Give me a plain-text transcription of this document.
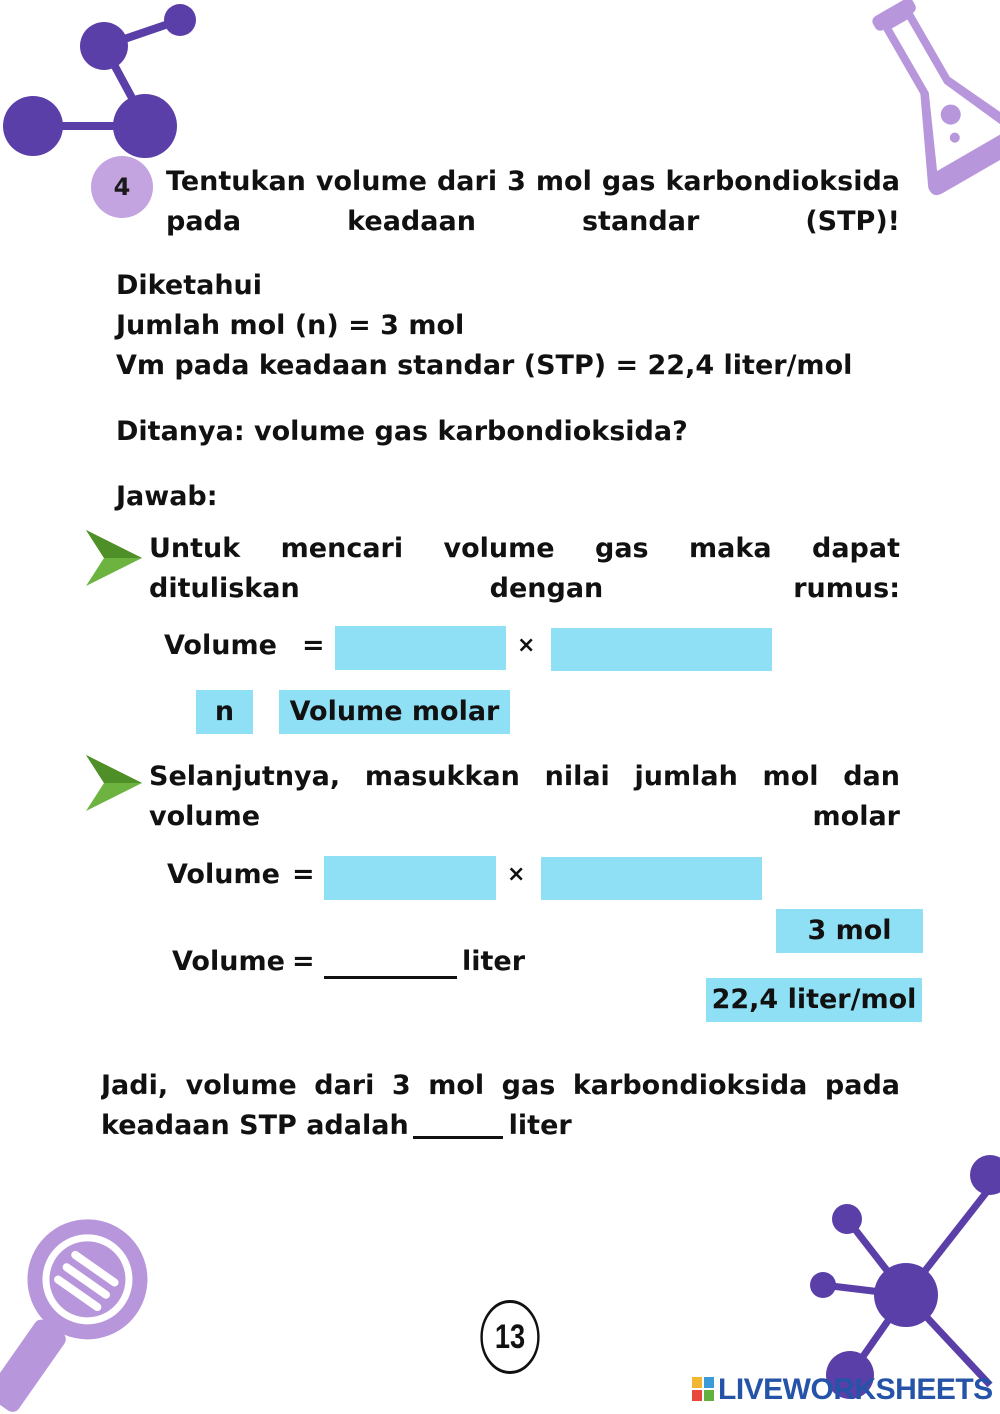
4	Tentukan volume dari 3 mol gas karbondioksida pada keadaan standar (STP)!
Diketahui
Jumlah mol (n) = 3 mol
Vm pada keadaan standar (STP) = 22,4 liter/mol
Ditanya: volume gas karbondioksida?
Jawab:
Untuk mencari volume gas maka dapat dituliskan dengan rumus:
Volume =	×
n	Volume molar
Selanjutnya, masukkan nilai jumlah mol dan volume molar
Volume =	×
Volume =	liter
3 mol
22,4 liter/mol
Jadi, volume dari 3 mol gas karbondioksida pada
keadaan STP adalah	liter
13
LIVEWORKSHEETS
